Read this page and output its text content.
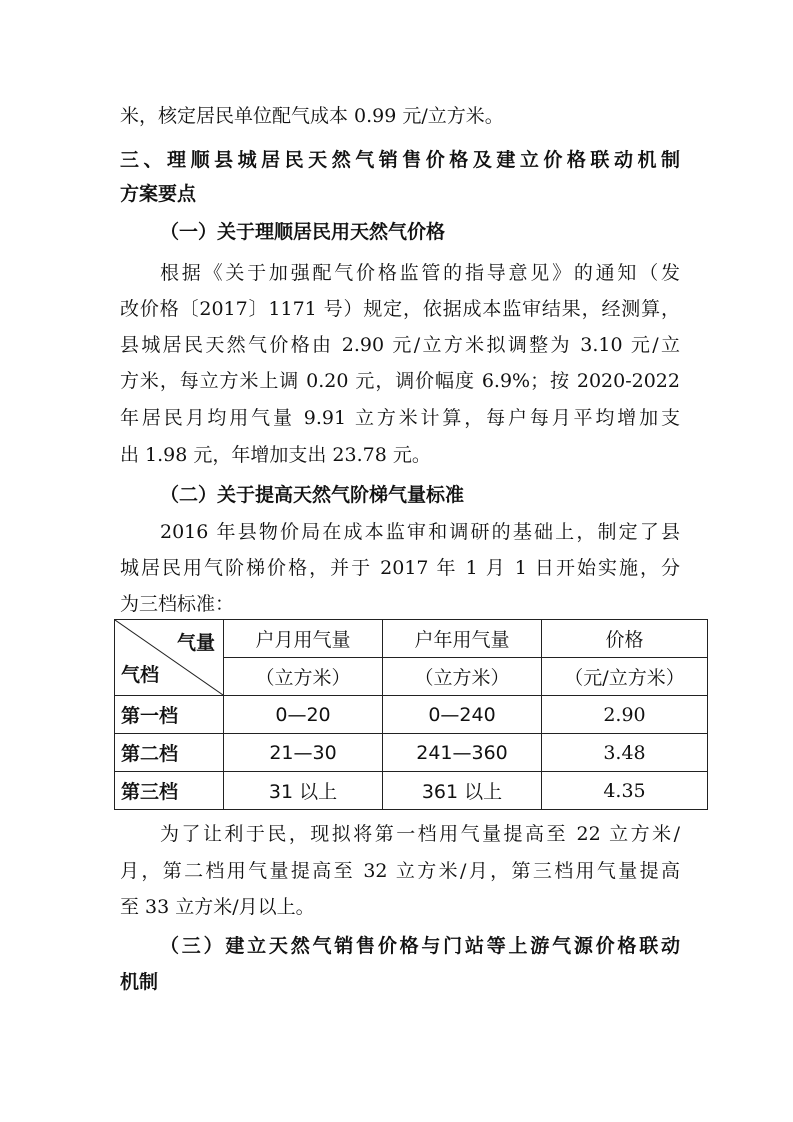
米，核定居民单位配气成本 0.99 元/立方米。
三、理顺县城居民天然气销售价格及建立价格联动机制
方案要点
（一）关于理顺居民用天然气价格
根据《关于加强配气价格监管的指导意见》的通知（发
改价格〔2017〕1171 号）规定，依据成本监审结果，经测算，
县城居民天然气价格由 2.90 元/立方米拟调整为 3.10 元/立
方米，每立方米上调 0.20 元，调价幅度 6.9%；按 2020-2022
年居民月均用气量 9.91 立方米计算，每户每月平均增加支
出 1.98 元，年增加支出 23.78 元。
（二）关于提高天然气阶梯气量标准
2016 年县物价局在成本监审和调研的基础上，制定了县
城居民用气阶梯价格，并于 2017 年 1 月 1 日开始实施，分
为三档标准：
气量
气档	户月用气量	户年用气量	价格
	（立方米）	（立方米）	（元/立方米）
第一档	0—20	0—240	2.90
第二档	21—30	241—360	3.48
第三档	31 以上	361 以上	4.35
为了让利于民，现拟将第一档用气量提高至 22 立方米/
月，第二档用气量提高至 32 立方米/月，第三档用气量提高
至 33 立方米/月以上。
（三）建立天然气销售价格与门站等上游气源价格联动
机制
